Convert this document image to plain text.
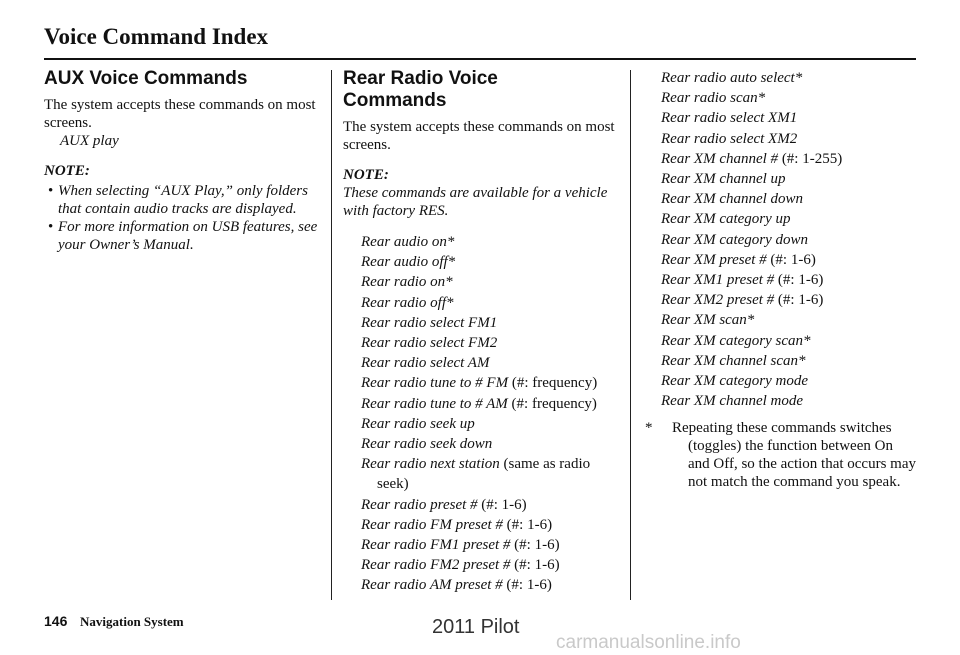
Voice Command Index
AUX Voice Commands

The system accepts these commands on most screens.

AUX play

NOTE:

• When selecting “AUX Play,” only folders that contain audio tracks are displayed.
• For more information on USB features, see your Owner’s Manual.
Rear Radio Voice
Commands

The system accepts these commands on most screens.

NOTE:

These commands are available for a vehicle with factory RES.

Rear audio on*
Rear audio off*
Rear radio on*
Rear radio off*
Rear radio select FM1
Rear radio select FM2
Rear radio select AM
Rear radio tune to # FM (#: frequency)
Rear radio tune to # AM (#: frequency)
Rear radio seek up
Rear radio seek down
Rear radio next station (same as radio seek)
Rear radio preset # (#: 1-6)
Rear radio FM preset # (#: 1-6)
Rear radio FM1 preset # (#: 1-6)
Rear radio FM2 preset # (#: 1-6)
Rear radio AM preset # (#: 1-6)
Rear radio auto select*
Rear radio scan*
Rear radio select XM1
Rear radio select XM2
Rear XM channel # (#: 1-255)
Rear XM channel up
Rear XM channel down
Rear XM category up
Rear XM category down
Rear XM preset # (#: 1-6)
Rear XM1 preset # (#: 1-6)
Rear XM2 preset # (#: 1-6)
Rear XM scan*
Rear XM category scan*
Rear XM channel scan*
Rear XM category mode
Rear XM channel mode
*	Repeating these commands switches (toggles) the function between On and Off, so the action that occurs may not match the command you speak.
146 Navigation System	2011 Pilot
carmanualsonline.info
